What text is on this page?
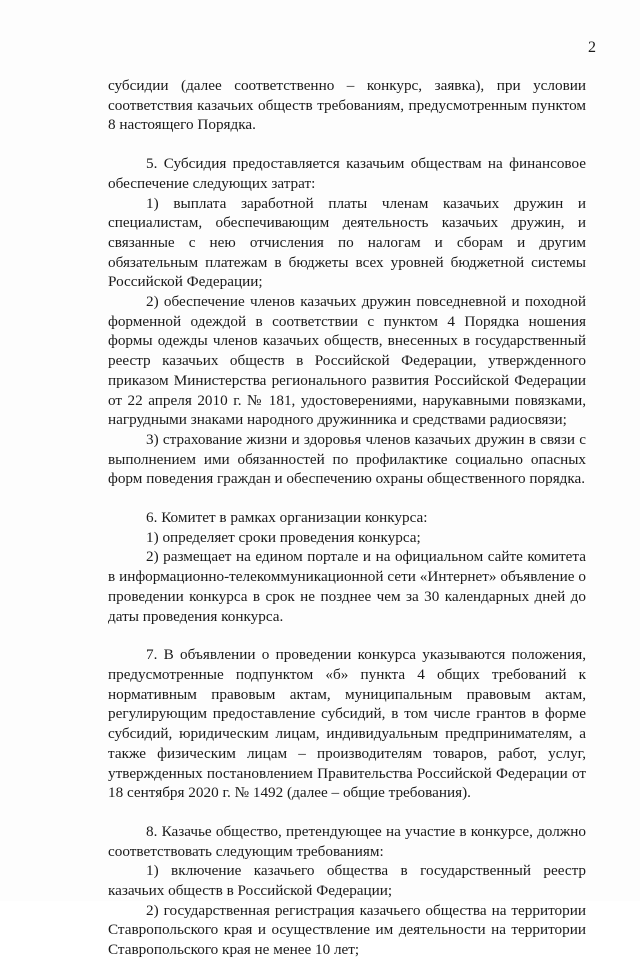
2

субсидии (далее соответственно – конкурс, заявка), при условии соответствия казачьих обществ требованиям, предусмотренным пунктом 8 настоящего Порядка.

5. Субсидия предоставляется казачьим обществам на финансовое обеспечение следующих затрат:

1) выплата заработной платы членам казачьих дружин и специалистам, обеспечивающим деятельность казачьих дружин, и связанные с нею отчисления по налогам и сборам и другим обязательным платежам в бюджеты всех уровней бюджетной системы Российской Федерации;

2) обеспечение членов казачьих дружин повседневной и походной форменной одеждой в соответствии с пунктом 4 Порядка ношения формы одежды членов казачьих обществ, внесенных в государственный реестр казачьих обществ в Российской Федерации, утвержденного приказом Министерства регионального развития Российской Федерации от 22 апреля 2010 г. № 181, удостоверениями, нарукавными повязками, нагрудными знаками народного дружинника и средствами радиосвязи;

3) страхование жизни и здоровья членов казачьих дружин в связи с выполнением ими обязанностей по профилактике социально опасных форм поведения граждан и обеспечению охраны общественного порядка.

6. Комитет в рамках организации конкурса:

1) определяет сроки проведения конкурса;

2) размещает на едином портале и на официальном сайте комитета в информационно-телекоммуникационной сети «Интернет» объявление о проведении конкурса в срок не позднее чем за 30 календарных дней до даты проведения конкурса.

7. В объявлении о проведении конкурса указываются положения, предусмотренные подпунктом «б» пункта 4 общих требований к нормативным правовым актам, муниципальным правовым актам, регулирующим предоставление субсидий, в том числе грантов в форме субсидий, юридическим лицам, индивидуальным предпринимателям, а также физическим лицам – производителям товаров, работ, услуг, утвержденных постановлением Правительства Российской Федерации от 18 сентября 2020 г. № 1492 (далее – общие требования).

8. Казачье общество, претендующее на участие в конкурсе, должно соответствовать следующим требованиям:

1) включение казачьего общества в государственный реестр казачьих обществ в Российской Федерации;

2) государственная регистрация казачьего общества на территории Ставропольского края и осуществление им деятельности на территории Ставропольского края не менее 10 лет;
